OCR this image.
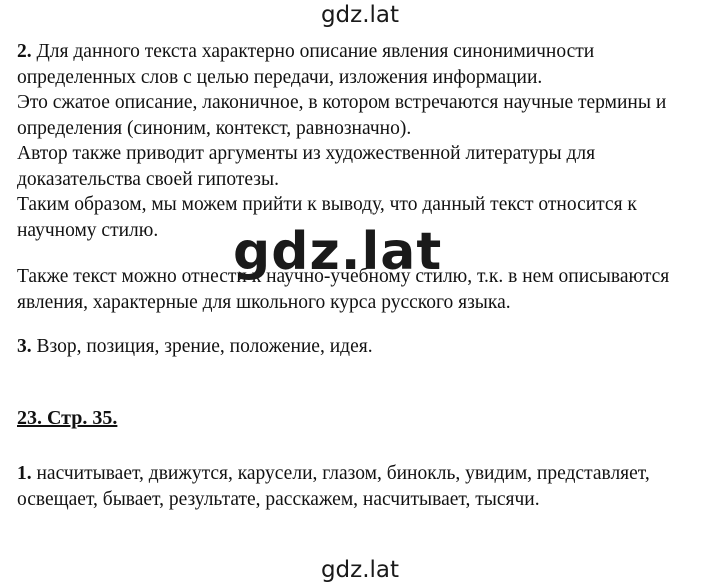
gdz.lat

2. Для данного текста характерно описание явления синонимичности определенных слов с целью передачи, изложения информации.

Это сжатое описание, лаконичное, в котором встречаются научные термины и определения (синоним, контекст, равнозначно).

Автор также приводит аргументы из художественной литературы для доказательства своей гипотезы.

Таким образом, мы можем прийти к выводу, что данный текст относится к научному стилю.

Также текст можно отнести к научно-учебному стилю, т.к. в нем описываются явления, характерные для школьного курса русского языка.

3. Взор, позиция, зрение, положение, идея.

23. Стр. 35.

1. насчитывает, движутся, карусели, глазом, бинокль, увидим, представляет, освещает, бывает, результате, расскажем, насчитывает, тысячи.

gdz.lat
gdz.lat
